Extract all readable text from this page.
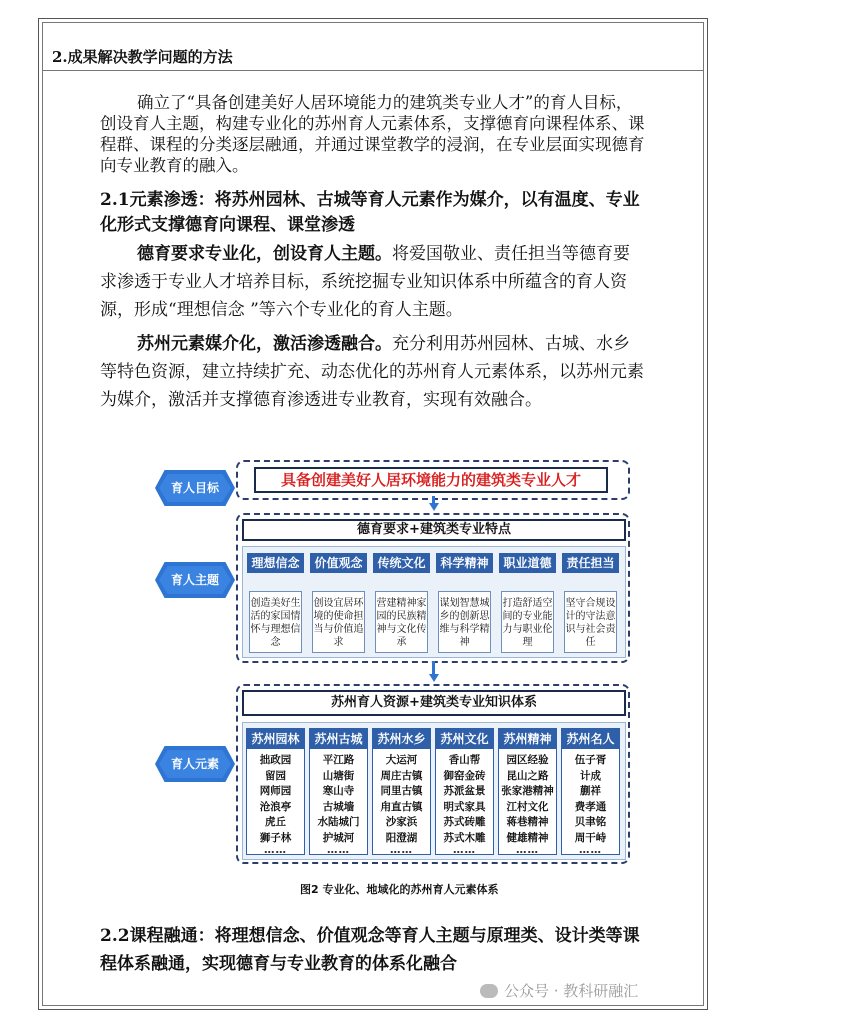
2.成果解决教学问题的方法

确立了“具备创建美好人居环境能力的建筑类专业人才”的育人目标，创设育人主题，构建专业化的苏州育人元素体系，支撑德育向课程体系、课程群、课程的分类逐层融通，并通过课堂教学的浸润，在专业层面实现德育向专业教育的融入。

2.1元素渗透：将苏州园林、古城等育人元素作为媒介，以有温度、专业化形式支撑德育向课程、课堂渗透

德育要求专业化，创设育人主题。将爱国敬业、责任担当等德育要求渗透于专业人才培养目标，系统挖掘专业知识体系中所蕴含的育人资源，形成“理想信念 ”等六个专业化的育人主题。

苏州元素媒介化，激活渗透融合。充分利用苏州园林、古城、水乡等特色资源，建立持续扩充、动态优化的苏州育人元素体系，以苏州元素为媒介，激活并支撑德育渗透进专业教育，实现有效融合。

育人目标
育人主题
育人元素
具备创建美好人居环境能力的建筑类专业人才
德育要求+建筑类专业特点
理想信念
创造美好生活的家国情怀与理想信念
价值观念
创设宜居环境的使命担当与价值追求
传统文化
营建精神家园的民族精神与文化传承
科学精神
谋划智慧城乡的创新思维与科学精神
职业道德
打造舒适空间的专业能力与职业伦理
责任担当
坚守合规设计的守法意识与社会责任
苏州育人资源+建筑类专业知识体系
苏州园林
拙政园
留园
网师园
沧浪亭
虎丘
狮子林
……
苏州古城
平江路
山塘街
寒山寺
古城墙
水陆城门
护城河
……
苏州水乡
大运河
周庄古镇
同里古镇
甪直古镇
沙家浜
阳澄湖
……
苏州文化
香山帮
御窑金砖
苏派盆景
明式家具
苏式砖雕
苏式木雕
……
苏州精神
园区经验
昆山之路
张家港精神
江村文化
蒋巷精神
健雄精神
……
苏州名人
伍子胥
计成
蒯祥
费孝通
贝聿铭
周干峙
……
图2 专业化、地域化的苏州育人元素体系

2.2课程融通：将理想信念、价值观念等育人主题与原理类、设计类等课程体系融通，实现德育与专业教育的体系化融合

公众号 · 教科研融汇
